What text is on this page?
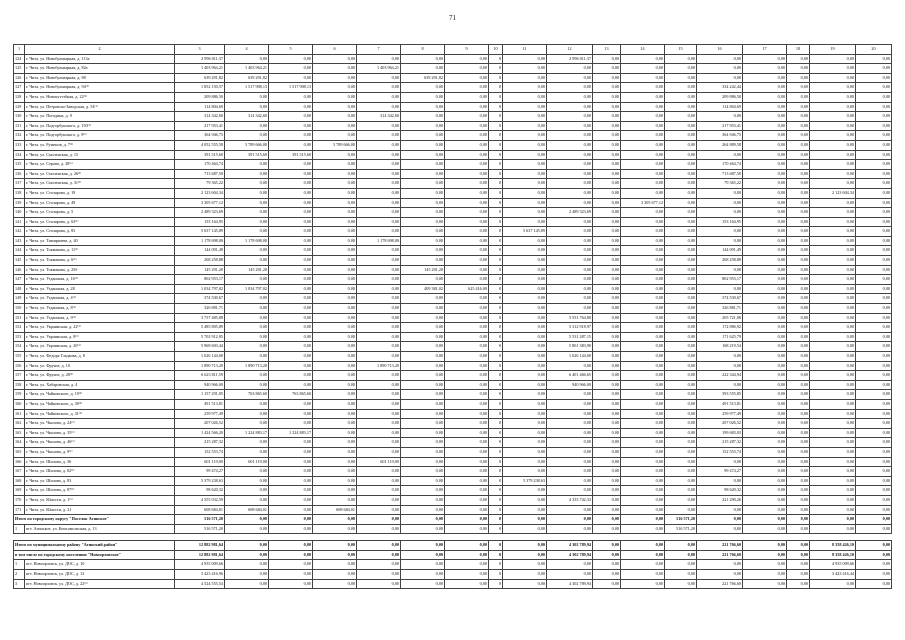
71
1	2	3	4	5	6	7	8	9	10	11	12	13	14	15	16	17	18	19	20
124	г. Чита, ул. Новобульварная, д. 113а	2 996 011,37	0,00	0,00	0,00	0,00	0,00	0,00	0	0,00	2 996 011,37	0,00	0,00	0,00	0,00	0,00	0,00	0,00	0,00
125	г. Чита, ул. Новобульварная, д. 82а	1 403 964,21	1 403 964,21	0,00	0,00	1 403 964,21	0,00	0,00	0	0,00	0,00	0,00	0,00	0,00	0,00	0,00	0,00	0,00	0,00
126	г. Чита, ул. Новобульварная, д. 88	639 291,82	639 291,82	0,00	0,00	0,00	639 291,82	0,00	0	0,00	0,00	0,00	0,00	0,00	0,00	0,00	0,00	0,00	0,00
127	г. Чита, ул. Новобульварная, д. 94⁽¹⁾	1 852 150,57	1 517 908,13	1 517 908,13	0,00	0,00	0,00	0,00	0	0,00	0,00	0,00	0,00	0,00	334 242,44	0,00	0,00	0,00	0,00
128	г. Чита, ул. Новокуттэбная, д. 22⁽¹⁾	209 886,50	0,00	0,00	0,00	0,00	0,00	0,00	0	0,00	0,00	0,00	0,00	0,00	209 886,50	0,00	0,00	0,00	0,00
129	г. Чита, ул. Петровско-Заводская, д. 54⁽¹⁾	114 804,69	0,00	0,00	0,00	0,00	0,00	0,00	0	0,00	0,00	0,00	0,00	0,00	114 804,69	0,00	0,00	0,00	0,00
130	г. Чита, ул. Погодина, д. 9	314 342,60	314 342,60	0,00	0,00	314 342,60	0,00	0,00	0	0,00	0,00	0,00	0,00	0,00	0,00	0,00	0,00	0,00	0,00
131	г. Чита, ул. Подгорбунского, д. 150⁽¹⁾	217 953,41	0,00	0,00	0,00	0,00	0,00	0,00	0	0,00	0,00	0,00	0,00	0,00	217 953,41	0,00	0,00	0,00	0,00
132	г. Чита, ул. Подгорбунского, д. 9⁽¹⁾	364 946,75	0,00	0,00	0,00	0,00	0,00	0,00	0	0,00	0,00	0,00	0,00	0,00	364 946,75	0,00	0,00	0,00	0,00
133	г. Чита, ул. Руженов, д. 7⁽¹⁾	4 052 555,58	3 789 666,00	0,00	3 789 666,00	0,00	0,00	0,00	0	0,00	0,00	0,00	0,00	0,00	264 889,58	0,00	0,00	0,00	0,00
134	г. Чита, ул. Смоленская, д. 15	391 515,60	391 515,60	391 515,60	0,00	0,00	0,00	0,00	0	0,00	0,00	0,00	0,00	0,00	0,00	0,00	0,00	0,00	0,00
135	г. Чита, ул. Серова, д. 28⁽¹⁾	170 464,74	0,00	0,00	0,00	0,00	0,00	0,00	0	0,00	0,00	0,00	0,00	0,00	170 464,74	0,00	0,00	0,00	0,00
136	г. Чита, ул. Смоленская, д. 26⁽¹⁾	713 687,50	0,00	0,00	0,00	0,00	0,00	0,00	0	0,00	0,00	0,00	0,00	0,00	713 687,50	0,00	0,00	0,00	0,00
137	г. Чита, ул. Смоленская, д. 31⁽¹⁾	79 365,22	0,00	0,00	0,00	0,00	0,00	0,00	0	0,00	0,00	0,00	0,00	0,00	79 365,22	0,00	0,00	0,00	0,00
138	г. Чита, ул. Столярова, д. 19	2 123 604,34	0,00	0,00	0,00	0,00	0,00	0,00	0	0,00	0,00	0,00	0,00	0,00	0,00	0,00	0,00	2 123 604,34	0,00
139	г. Чита, ул. Столярова, д. 49	3 305 677,12	0,00	0,00	0,00	0,00	0,00	0,00	0	0,00	0,00	0,00	3 305 677,12	0,00	0,00	0,00	0,00	0,00	0,00
140	г. Чита, ул. Столярова, д. 5	2 489 323,69	0,00	0,00	0,00	0,00	0,00	0,00	0	0,00	2 489 323,69	0,00	0,00	0,00	0,00	0,00	0,00	0,00	0,00
141	г. Чита, ул. Столярова, д. 63⁽¹⁾	153 164,95	0,00	0,00	0,00	0,00	0,00	0,00	0	0,00	0,00	0,00	0,00	0,00	153 164,95	0,00	0,00	0,00	0,00
142	г. Чита, ул. Столярова, д. 83	5 637 145,89	0,00	0,00	0,00	0,00	0,00	0,00	0	5 637 145,89	0,00	0,00	0,00	0,00	0,00	0,00	0,00	0,00	0,00
143	г. Чита, ул. Тимирязева, д. 40	1 178 698,00	1 178 698,00	0,00	0,00	1 178 698,00	0,00	0,00	0	0,00	0,00	0,00	0,00	0,00	0,00	0,00	0,00	0,00	0,00
144	г. Чита, ул. Токмакова, д. 11⁽¹⁾	144 091,49	0,00	0,00	0,00	0,00	0,00	0,00	0	0,00	0,00	0,00	0,00	0,00	144 091,49	0,00	0,00	0,00	0,00
145	г. Чита, ул. Токмакова, д. 6⁽¹⁾	268 258,88	0,00	0,00	0,00	0,00	0,00	0,00	0	0,00	0,00	0,00	0,00	0,00	268 258,88	0,00	0,00	0,00	0,00
146	г. Чита, ул. Токмакова, д. 25б	145 291,20	145 291,20	0,00	0,00	0,00	145 291,20	0,00	0	0,00	0,00	0,00	0,00	0,00	0,00	0,00	0,00	0,00	0,00
147	г. Чита, ул. Угданская, д. 16⁽¹⁾	802 953,17	0,00	0,00	0,00	0,00	0,00	0,00	0	0,00	0,00	0,00	0,00	0,00	802 953,17	0,00	0,00	0,00	0,00
148	г. Чита, ул. Угданская, д. 28	1 034 797,02	1 034 797,02	0,00	0,00	0,00	409 381,02	625 416,00	0	0,00	0,00	0,00	0,00	0,00	0,00	0,00	0,00	0,00	0,00
149	г. Чита, ул. Угданская, д. 4⁽¹⁾	374 530,67	0,00	0,00	0,00	0,00	0,00	0,00	0	0,00	0,00	0,00	0,00	0,00	374 530,67	0,00	0,00	0,00	0,00
150	г. Чита, ул. Угданская, д. 8⁽¹⁾	326 881,71	0,00	0,00	0,00	0,00	0,00	0,00	0	0,00	0,00	0,00	0,00	0,00	326 881,71	0,00	0,00	0,00	0,00
151	г. Чита, ул. Угданская, д. 9⁽¹⁾	3 757 485,88	0,00	0,00	0,00	0,00	0,00	0,00	0	0,00	3 551 764,80	0,00	0,00	0,00	205 721,08	0,00	0,00	0,00	0,00
152	г. Чита, ул. Украинская, д. 22⁽¹⁾	5 485 805,89	0,00	0,00	0,00	0,00	0,00	0,00	0	0,00	5 312 918,97	0,00	0,00	0,00	172 886,92	0,00	0,00	0,00	0,00
153	г. Чита, ул. Украинская, д. 8⁽¹⁾	5 702 912,95	0,00	0,00	0,00	0,00	0,00	0,00	0	0,00	5 531 287,15	0,00	0,00	0,00	171 625,79	0,00	0,00	0,00	0,00
154	г. Чита, ул. Украинская, д. 20⁽¹⁾	5 969 603,44	0,00	0,00	0,00	0,00	0,00	0,00	0	0,00	5 801 383,90	0,00	0,00	0,00	168 219,54	0,00	0,00	0,00	0,00
155	г. Чита, ул. Федора Гладкова, д. 8	1 626 144,00	0,00	0,00	0,00	0,00	0,00	0,00	0	0,00	1 626 144,00	0,00	0,00	0,00	0,00	0,00	0,00	0,00	0,00
156	г. Чита, ул. Фрунзе, д. 10	1 890 713,20	1 890 713,20	0,00	0,00	1 890 713,20	0,00	0,00	0	0,00	0,00	0,00	0,00	0,00	0,00	0,00	0,00	0,00	0,00
157	г. Чита, ул. Фрунзе, д. 28⁽¹⁾	6 623 811,59	0,00	0,00	0,00	0,00	0,00	0,00	0	0,00	6 401 466,65	0,00	0,00	0,00	222 344,94	0,00	0,00	0,00	0,00
158	г. Чита, ул. Хабаровская, д. 4	940 966,00	0,00	0,00	0,00	0,00	0,00	0,00	0	0,00	940 966,00	0,00	0,00	0,00	0,00	0,00	0,00	0,00	0,00
159	г. Чита, ул. Чайковского, д. 19⁽¹⁾	1 157 291,05	763 865,60	763 865,60	0,00	0,00	0,00	0,00	0	0,00	0,00	0,00	0,00	0,00	393 555,85	0,00	0,00	0,00	0,00
160	г. Чита, ул. Чайковского, д. 30⁽¹⁾	491 513,81	0,00	0,00	0,00	0,00	0,00	0,00	0	0,00	0,00	0,00	0,00	0,00	491 513,81	0,00	0,00	0,00	0,00
161	г. Чита, ул. Чайковского, д. 31⁽¹⁾	259 977,49	0,00	0,00	0,00	0,00	0,00	0,00	0	0,00	0,00	0,00	0,00	0,00	259 977,49	0,00	0,00	0,00	0,00
162	г. Чита, ул. Чкалова, д. 24⁽¹⁾	207 026,52	0,00	0,00	0,00	0,00	0,00	0,00	0	0,00	0,00	0,00	0,00	0,00	207 026,52	0,00	0,00	0,00	0,00
163	г. Чита, ул. Чкалова, д. 35⁽¹⁾	1 424 566,20	1 224 883,17	1 224 883,17	0,00	0,00	0,00	0,00	0	0,00	0,00	0,00	0,00	0,00	199 683,03	0,00	0,00	0,00	0,00
164	г. Чита, ул. Чкалова, д. 46⁽¹⁾	215 287,32	0,00	0,00	0,00	0,00	0,00	0,00	0	0,00	0,00	0,00	0,00	0,00	215 287,32	0,00	0,00	0,00	0,00
165	г. Чита, ул. Чкалова, д. 9⁽¹⁾	152 553,74	0,00	0,00	0,00	0,00	0,00	0,00	0	0,00	0,00	0,00	0,00	0,00	152 553,74	0,00	0,00	0,00	0,00
166	г. Чита, ул. Шилова, д. 36	601 119,00	601 119,00	0,00	0,00	601 119,00	0,00	0,00	0	0,00	0,00	0,00	0,00	0,00	0,00	0,00	0,00	0,00	0,00
167	г. Чита, ул. Шилова, д. 82⁽¹⁾	99 474,27	0,00	0,00	0,00	0,00	0,00	0,00	0	0,00	0,00	0,00	0,00	0,00	99 474,27	0,00	0,00	0,00	0,00
168	г. Чита, ул. Шилова, д. 83	5 379 238,63	0,00	0,00	0,00	0,00	0,00	0,00	0	5 379 238,63	0,00	0,00	0,00	0,00	0,00	0,00	0,00	0,00	0,00
169	г. Чита, ул. Шилова, д. 87⁽¹⁾	98 620,32	0,00	0,00	0,00	0,00	0,00	0,00	0	0,00	0,00	0,00	0,00	0,00	98 620,32	0,00	0,00	0,00	0,00
170	г. Чита, ул. Юности, д. 1⁽¹⁾	4 555 032,59	0,00	0,00	0,00	0,00	0,00	0,00	0	0,00	4 333 742,33	0,00	0,00	0,00	221 290,26	0,00	0,00	0,00	0,00
171	г. Чита, ул. Юности, д. 21	608 684,01	608 684,01	0,00	608 684,01	0,00	0,00	0,00	0	0,00	0,00	0,00	0,00	0,00	0,00	0,00	0,00	0,00	0,00
Итого по городскому округу "Поселок Агинское"		516 571,20	0,00	0,00	0,00	0,00	0,00	0,00	0	0,00	0,00	0,00	0,00	516 571,20	0,00	0,00	0,00	0,00	0,00
1	пгт. Агинское, ул. Комсомольская, д. 13	516 571,20	0,00	0,00	0,00	0,00	0,00	0,00	0	0,00	0,00	0,00	0,00	516 571,20	0,00	0,00	0,00	0,00	0,00

Итого по муниципальному району "Агинский район"		12 882 981,64	0,00	0,00	0,00	0,00	0,00	0,00	0	0,00	4 302 789,94	0,00	0,00	0,00	221 766,60	0,00	0,00	8 358 426,10	0,00
в том числе по городскому поселению "Новоорловское"		12 882 981,64	0,00	0,00	0,00	0,00	0,00	0,00	0	0,00	4 302 789,94	0,00	0,00	0,00	221 766,60	0,00	0,00	8 358 426,10	0,00
1	пгт. Новоорловск, ул. ДОС, д. 10	4 935 009,66	0,00	0,00	0,00	0,00	0,00	0,00	0	0,00	0,00	0,00	0,00	0,00	0,00	0,00	0,00	4 935 009,66	0,00
2	пгт. Новоорловск, ул. ДОС, д. 12	3 423 416,96	0,00	0,00	0,00	0,00	0,00	0,00	0	0,00	0,00	0,00	0,00	0,00	0,00	0,00	0,00	3 423 416,44	0,00
3	пгт. Новоорловск, ул. ДОС, д. 22⁽¹⁾	4 524 555,54	0,00	0,00	0,00	0,00	0,00	0,00	0	0,00	4 302 789,94	0,00	0,00	0,00	221 766,60	0,00	0,00	0,00	0,00
